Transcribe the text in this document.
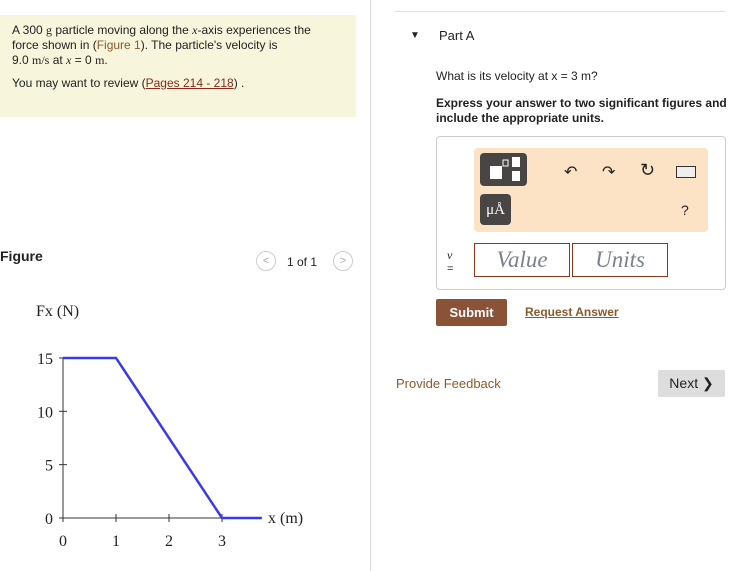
A 300 g particle moving along the x-axis experiences the
force shown in (Figure 1). The particle's velocity is
9.0 m/s at x = 0 m.

You may want to review (Pages 214 - 218) .

Figure	<	1 of 1	>
0	1	2	3
0
5
10
15
Fx (N)
x (m)
▼ Part A
What is its velocity at x = 3 m?
Express your answer to two significant figures and include the appropriate units.
μÅ
↶ ↷ ↻
?
v
=	Value	Units
Submit	Request Answer
Provide Feedback	Next ❯
